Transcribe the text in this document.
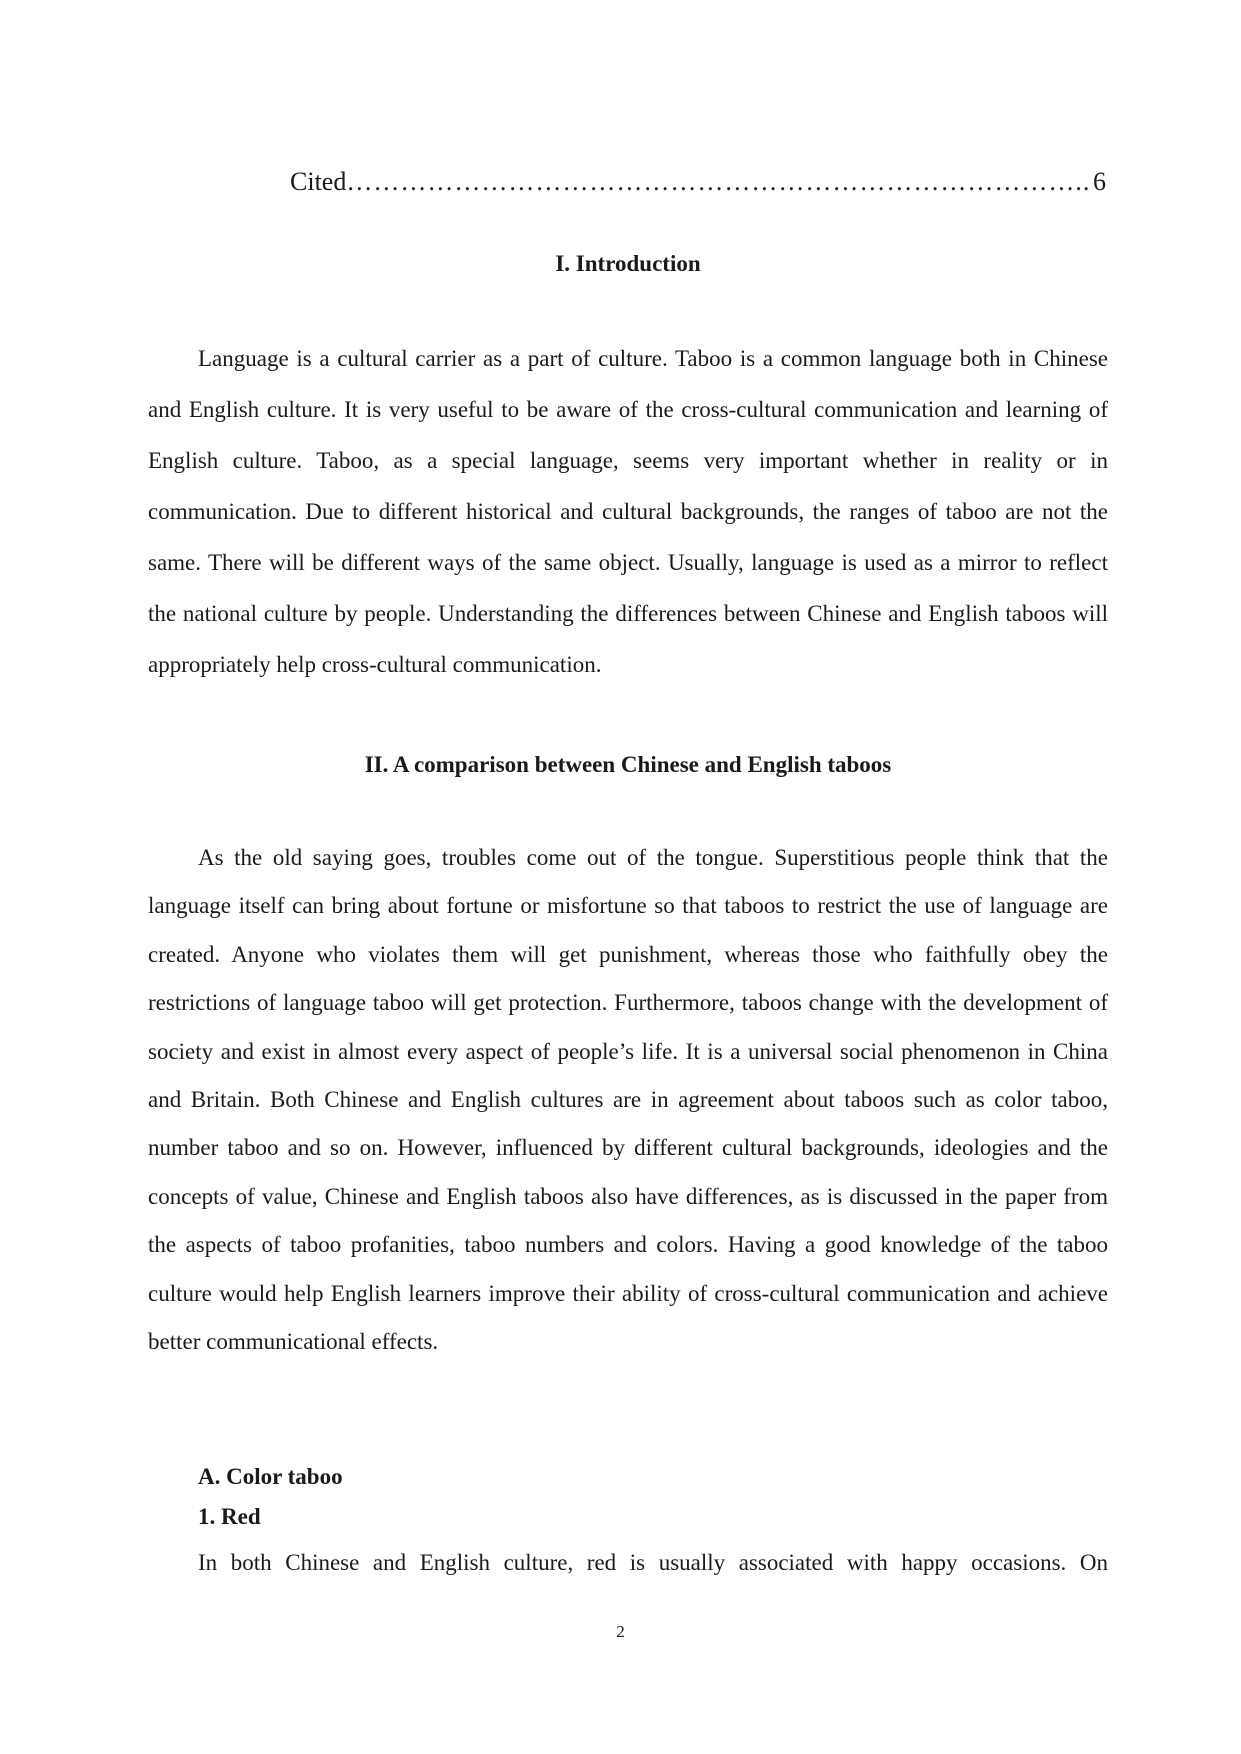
Cited ……………………………………………………………………….. 6
I. Introduction

Language is a cultural carrier as a part of culture. Taboo is a common language both in Chinese and English culture. It is very useful to be aware of the cross-cultural communication and learning of English culture. Taboo, as a special language, seems very important whether in reality or in communication. Due to different historical and cultural backgrounds, the ranges of taboo are not the same. There will be different ways of the same object. Usually, language is used as a mirror to reflect the national culture by people. Understanding the differences between Chinese and English taboos will appropriately help cross-cultural communication.

II. A comparison between Chinese and English taboos

As the old saying goes, troubles come out of the tongue. Superstitious people think that the language itself can bring about fortune or misfortune so that taboos to restrict the use of language are created. Anyone who violates them will get punishment, whereas those who faithfully obey the restrictions of language taboo will get protection. Furthermore, taboos change with the development of society and exist in almost every aspect of people’s life. It is a universal social phenomenon in China and Britain. Both Chinese and English cultures are in agreement about taboos such as color taboo, number taboo and so on. However, influenced by different cultural backgrounds, ideologies and the concepts of value, Chinese and English taboos also have differences, as is discussed in the paper from the aspects of taboo profanities, taboo numbers and colors. Having a good knowledge of the taboo culture would help English learners improve their ability of cross-cultural communication and achieve better communicational effects.

A. Color taboo
1. Red

In both Chinese and English culture, red is usually associated with happy occasions. On

2
